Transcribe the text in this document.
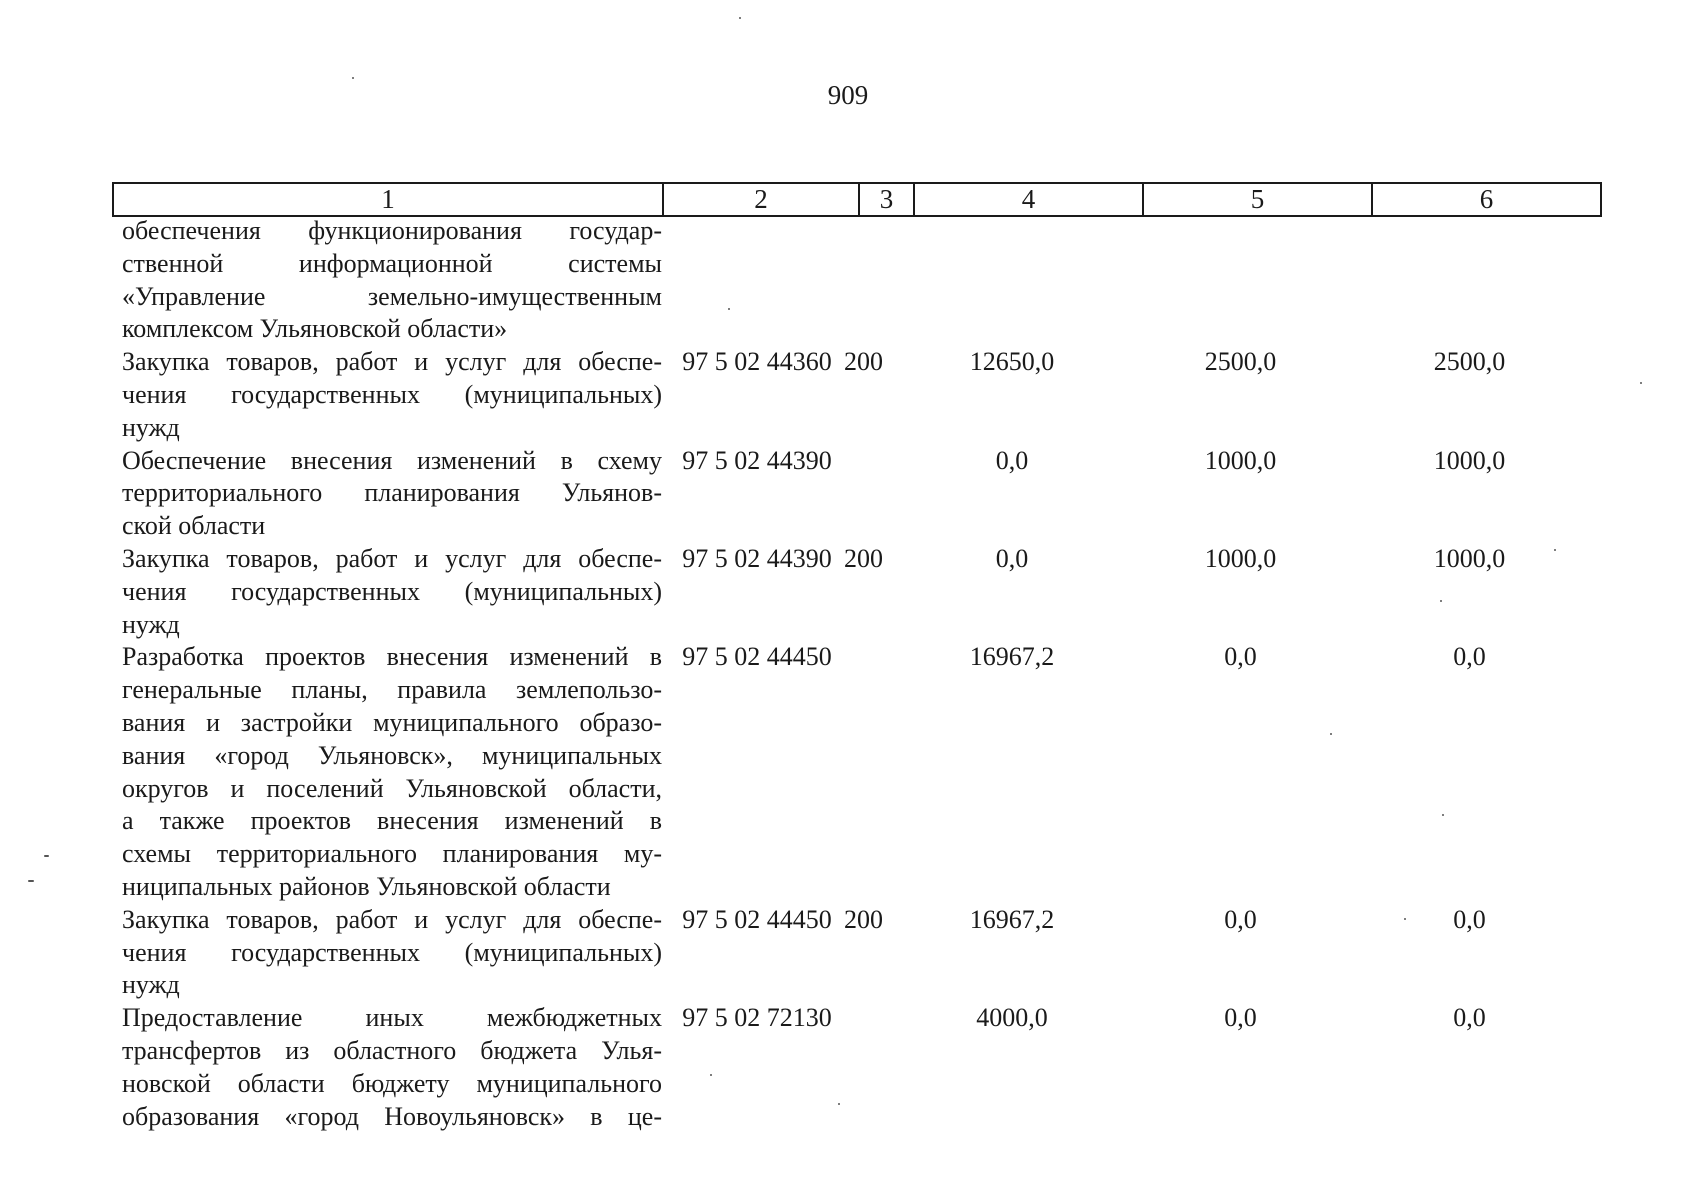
909
1	2	3	4	5	6
обеспечения функционирования государ-
ственной информационной системы
«Управление земельно-имущественным
комплексом Ульяновской области»
Закупка товаров, работ и услуг для обеспе-
чения государственных (муниципальных)
нужд
97 5 02 44360 200	12650,0	2500,0	2500,0
Обеспечение внесения изменений в схему
территориального планирования Ульянов-
ской области
97 5 02 44390	0,0	1000,0	1000,0
Закупка товаров, работ и услуг для обеспе-
чения государственных (муниципальных)
нужд
97 5 02 44390 200	0,0	1000,0	1000,0
Разработка проектов внесения изменений в
генеральные планы, правила землепользо-
вания и застройки муниципального образо-
вания «город Ульяновск», муниципальных
округов и поселений Ульяновской области,
а также проектов внесения изменений в
схемы территориального планирования му-
ниципальных районов Ульяновской области
97 5 02 44450	16967,2	0,0	0,0
Закупка товаров, работ и услуг для обеспе-
чения государственных (муниципальных)
нужд
97 5 02 44450 200	16967,2	0,0	0,0
Предоставление иных межбюджетных
трансфертов из областного бюджета Улья-
новской области бюджету муниципального
образования «город Новоульяновск» в це-
97 5 02 72130	4000,0	0,0	0,0
